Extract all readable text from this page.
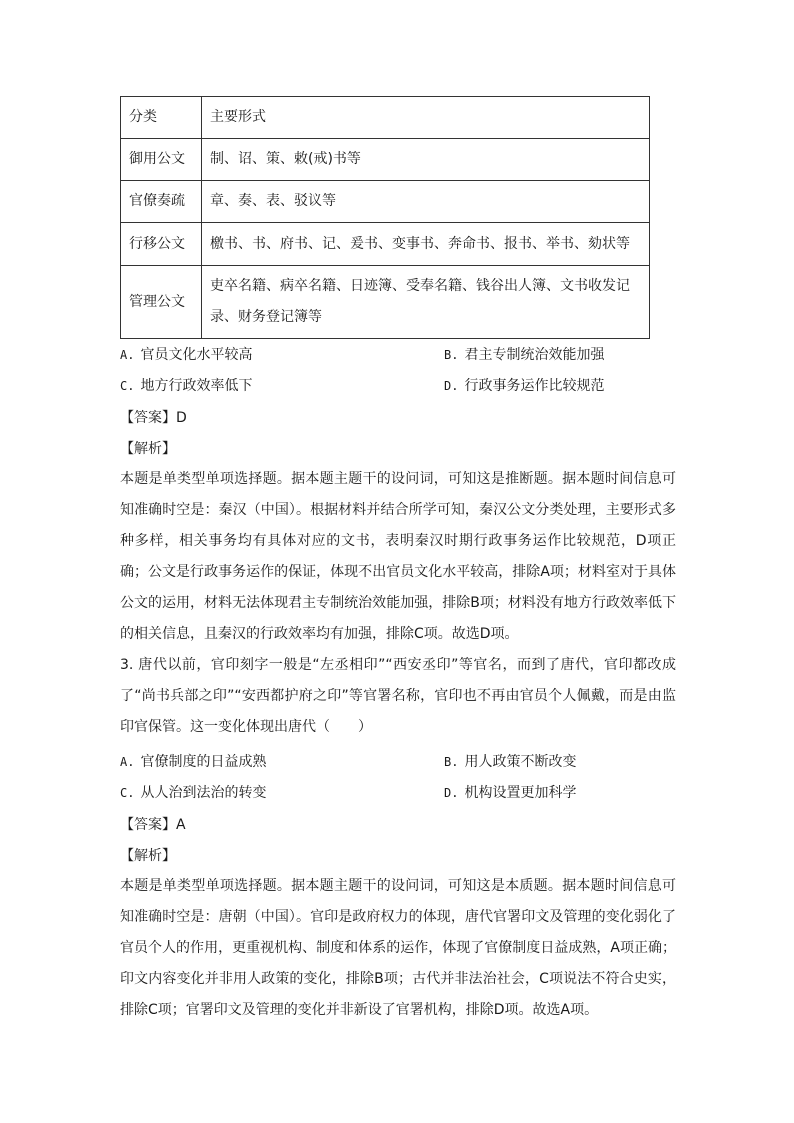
分类	主要形式
御用公文	制、诏、策、敕(戒)书等
官僚奏疏	章、奏、表、驳议等
行移公文	檄书、书、府书、记、爰书、变事书、奔命书、报书、举书、劾状等
管理公文	吏卒名籍、病卒名籍、日迹簿、受奉名籍、钱谷出人簿、文书收发记录、财务登记簿等
A. 官员文化水平较高	B. 君主专制统治效能加强
C. 地方行政效率低下	D. 行政事务运作比较规范
【答案】D
【解析】
本题是单类型单项选择题。据本题主题干的设问词，可知这是推断题。据本题时间信息可知准确时空是：秦汉（中国）。根据材料并结合所学可知，秦汉公文分类处理，主要形式多种多样，相关事务均有具体对应的文书，表明秦汉时期行政事务运作比较规范，D项正确；公文是行政事务运作的保证，体现不出官员文化水平较高，排除A项；材料室对于具体公文的运用，材料无法体现君主专制统治效能加强，排除B项；材料没有地方行政效率低下的相关信息，且秦汉的行政效率均有加强，排除C项。故选D项。
3. 唐代以前，官印刻字一般是“左丞相印”“西安丞印”等官名，而到了唐代，官印都改成了“尚书兵部之印”“安西都护府之印”等官署名称，官印也不再由官员个人佩戴，而是由监印官保管。这一变化体现出唐代（　　）
A. 官僚制度的日益成熟	B. 用人政策不断改变
C. 从人治到法治的转变	D. 机构设置更加科学
【答案】A
【解析】
本题是单类型单项选择题。据本题主题干的设问词，可知这是本质题。据本题时间信息可知准确时空是：唐朝（中国）。官印是政府权力的体现，唐代官署印文及管理的变化弱化了官员个人的作用，更重视机构、制度和体系的运作，体现了官僚制度日益成熟，A项正确；印文内容变化并非用人政策的变化，排除B项；古代并非法治社会，C项说法不符合史实，排除C项；官署印文及管理的变化并非新设了官署机构，排除D项。故选A项。
